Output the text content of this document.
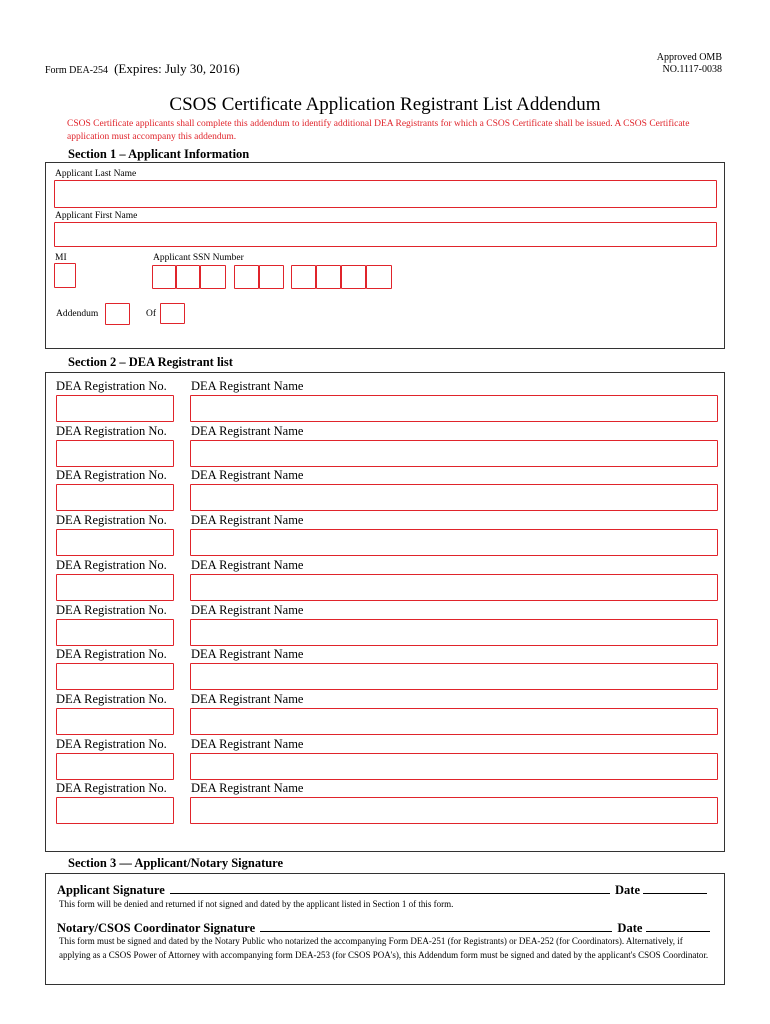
Form DEA-254 (Expires: July 30, 2016)
Approved OMB
NO.1117-0038
CSOS Certificate Application Registrant List Addendum
CSOS Certificate applicants shall complete this addendum to identify additional DEA Registrants for which a CSOS Certificate shall be issued. A CSOS Certificate application must accompany this addendum.
Section 1 – Applicant Information
Applicant Last Name
Applicant First Name
MI	Applicant SSN Number
Addendum	Of
Section 2 – DEA Registrant list
DEA Registration No. DEA Registrant Name
DEA Registration No. DEA Registrant Name
DEA Registration No. DEA Registrant Name
DEA Registration No. DEA Registrant Name
DEA Registration No. DEA Registrant Name
DEA Registration No. DEA Registrant Name
DEA Registration No. DEA Registrant Name
DEA Registration No. DEA Registrant Name
DEA Registration No. DEA Registrant Name
DEA Registration No. DEA Registrant Name
Section 3 — Applicant/Notary Signature
Applicant Signature	Date
This form will be denied and returned if not signed and dated by the applicant listed in Section 1 of this form.
Notary/CSOS Coordinator Signature	Date
This form must be signed and dated by the Notary Public who notarized the accompanying Form DEA-251 (for Registrants) or DEA-252 (for Coordinators). Alternatively, if applying as a CSOS Power of Attorney with accompanying form DEA-253 (for CSOS POA's), this Addendum form must be signed and dated by the applicant's CSOS Coordinator.
